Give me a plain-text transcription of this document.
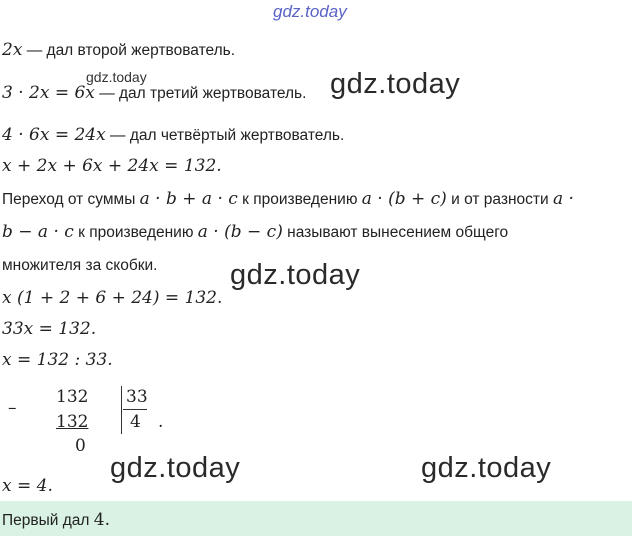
gdz.today
2x — дал второй жертвователь.
gdz.today
3 · 2x = 6x — дал третий жертвователь. gdz.today
4 · 6x = 24x — дал четвёртый жертвователь.
x + 2x + 6x + 24x = 132.
Переход от суммы a · b + a · c к произведению a · (b + c) и от разности a ·
b − a · c к произведению a · (b − c) называют вынесением общего
множителя за скобки.	gdz.today
x (1 + 2 + 6 + 24) = 132.
33x = 132.
x = 132 : 33.
–
132
132
0
33
4 .
gdz.today	gdz.today
x = 4.
Первый дал 4.
